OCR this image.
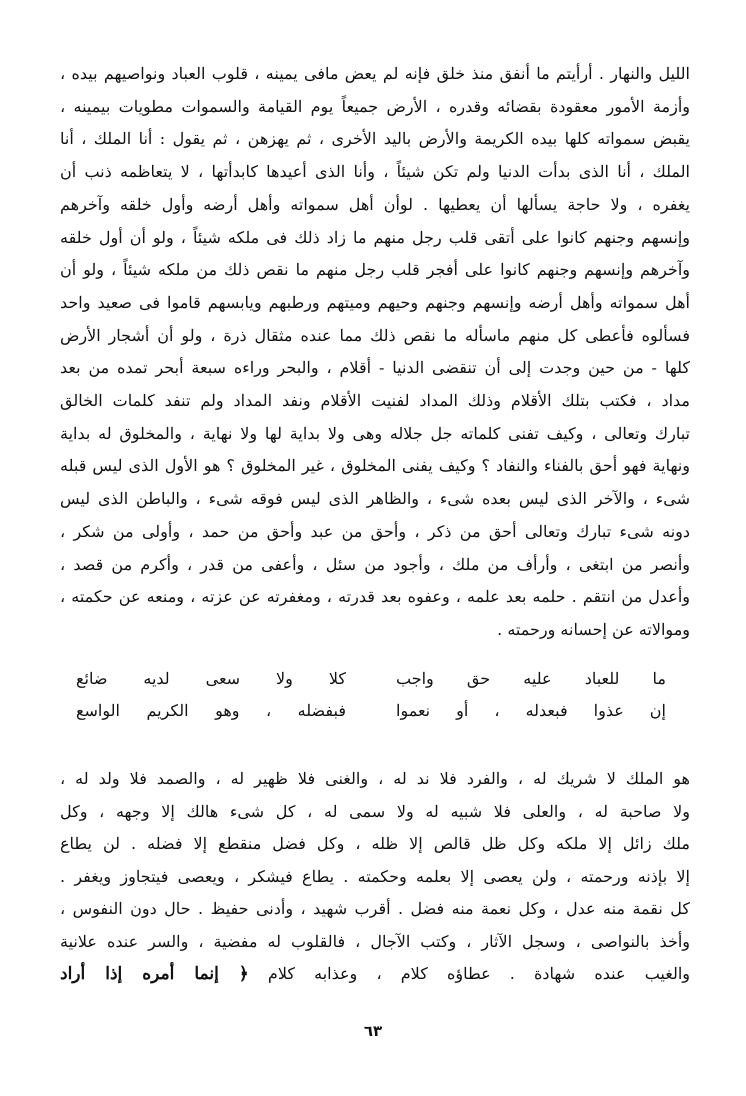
الليل والنهار . أرأيتم ما أنفق منذ خلق فإنه لم يعض مافى يمينه ، قلوب العباد ونواصيهم بيده ،
وأزمة الأمور معقودة بقضائه وقدره ، الأرض جميعاً يوم القيامة والسموات مطويات بيمينه ،
يقبض سمواته كلها بيده الكريمة والأرض باليد الأخرى ، ثم يهزهن ، ثم يقول : أنا الملك ، أنا
الملك ، أنا الذى بدأت الدنيا ولم تكن شيئاً ، وأنا الذى أعيدها كابدأتها ، لا يتعاظمه ذنب أن
يغفره ، ولا حاجة يسألها أن يعطيها . لوأن أهل سمواته وأهل أرضه وأول خلقه وآخرهم
وإنسهم وجنهم كانوا على أتقى قلب رجل منهم ما زاد ذلك فى ملكه شيئاً ، ولو أن أول خلقه
وآخرهم وإنسهم وجنهم كانوا على أفجر قلب رجل منهم ما نقص ذلك من ملكه شيئاً ، ولو أن
أهل سمواته وأهل أرضه وإنسهم وجنهم وحيهم وميتهم ورطبهم ويابسهم قاموا فى صعيد واحد
فسألوه فأعطى كل منهم ماسأله ما نقص ذلك مما عنده مثقال ذرة ، ولو أن أشجار الأرض
كلها - من حين وجدت إلى أن تنقضى الدنيا - أقلام ، والبحر وراءه سبعة أبحر تمده من بعد
مداد ، فكتب بتلك الأقلام وذلك المداد لفنيت الأقلام ونفد المداد ولم تنفد كلمات الخالق
تبارك وتعالى ، وكيف تفنى كلماته جل جلاله وهى ولا بداية لها ولا نهاية ، والمخلوق له بداية
ونهاية فهو أحق بالفناء والنفاد ؟ وكيف يفنى المخلوق ، غير المخلوق ؟ هو الأول الذى ليس قبله
شىء ، والآخر الذى ليس بعده شىء ، والظاهر الذى ليس فوقه شىء ، والباطن الذى ليس
دونه شىء تبارك وتعالى أحق من ذكر ، وأحق من عبد وأحق من حمد ، وأولى من شكر ،
وأنصر من ابتغى ، وأرأف من ملك ، وأجود من سئل ، وأعفى من قدر ، وأكرم من قصد ،
وأعدل من انتقم . حلمه بعد علمه ، وعفوه بعد قدرته ، ومغفرته عن عزته ، ومنعه عن حكمته ،
وموالاته عن إحسانه ورحمته .
ما للعباد عليه حق واجب
كلا ولا سعى لديه ضائع
إن عذوا فبعدله ، أو نعموا
فبفضله ، وهو الكريم الواسع
هو الملك لا شريك له ، والفرد فلا ند له ، والغنى فلا ظهير له ، والصمد فلا ولد له ،
ولا صاحبة له ، والعلى فلا شبيه له ولا سمى له ، كل شىء هالك إلا وجهه ، وكل
ملك زائل إلا ملكه وكل ظل قالص إلا ظله ، وكل فضل منقطع إلا فضله . لن يطاع
إلا بإذنه ورحمته ، ولن يعصى إلا بعلمه وحكمته . يطاع فيشكر ، ويعصى فيتجاوز ويغفر .
كل نقمة منه عدل ، وكل نعمة منه فضل . أقرب شهيد ، وأدنى حفيظ . حال دون النفوس ،
وأخذ بالنواصى ، وسجل الآثار ، وكتب الآجال ، فالقلوب له مفضية ، والسر عنده علانية
والغيب عنده شهادة . عطاؤه كلام ، وعذابه كلام ﴿ إنما أمره إذا أراد
٦٣
